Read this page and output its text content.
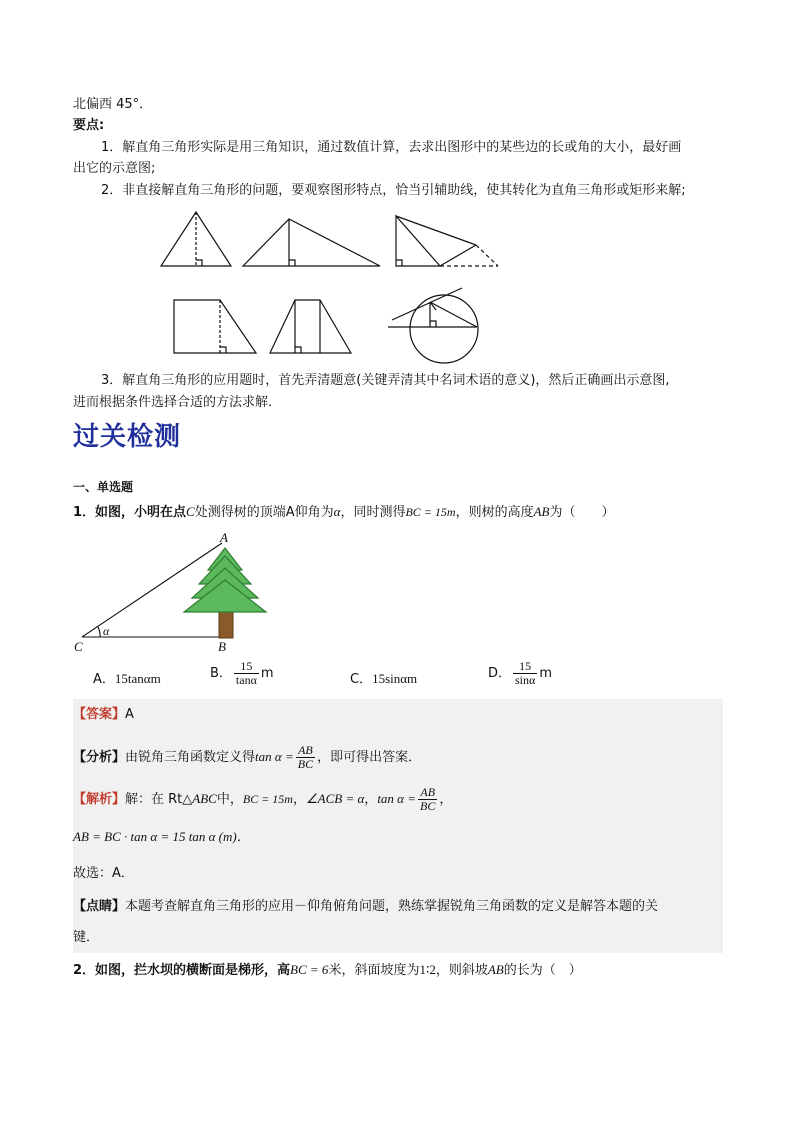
北偏西 45°．
要点:
1．解直角三角形实际是用三角知识，通过数值计算，去求出图形中的某些边的长或角的大小，最好画
出它的示意图;
2．非直接解直角三角形的问题，要观察图形特点，恰当引辅助线，使其转化为直角三角形或矩形来解;
3．解直角三角形的应用题时，首先弄清题意(关键弄清其中名词术语的意义)，然后正确画出示意图,
进而根据条件选择合适的方法求解．
过关检测
一、单选题
1．如图，小明在点C处测得树的顶端A仰角为α，同时测得BC = 15m，则树的高度AB为（　　）
A
B
C
α
A．15tanαm	B． $\frac{15}{\tan\alpha}$ m	C．15sinαm	D． $\frac{15}{\sin\alpha}$ m
【答案】A
【分析】由锐角三角函数定义得$\tan \alpha = \frac{AB}{BC}$ ，即可得出答案．
【解析】解：在 Rt△ABC中，BC = 15m，∠ACB = α，$\tan \alpha = \frac{AB}{BC}$ ，
AB = BC · tan α = 15 tan α (m)．
故选：A．
【点睛】本题考查解直角三角形的应用－仰角俯角问题，熟练掌握锐角三角函数的定义是解答本题的关
键．
2．如图，拦水坝的横断面是梯形，高BC = 6米，斜面坡度为1∶2，则斜坡AB的长为（　）
